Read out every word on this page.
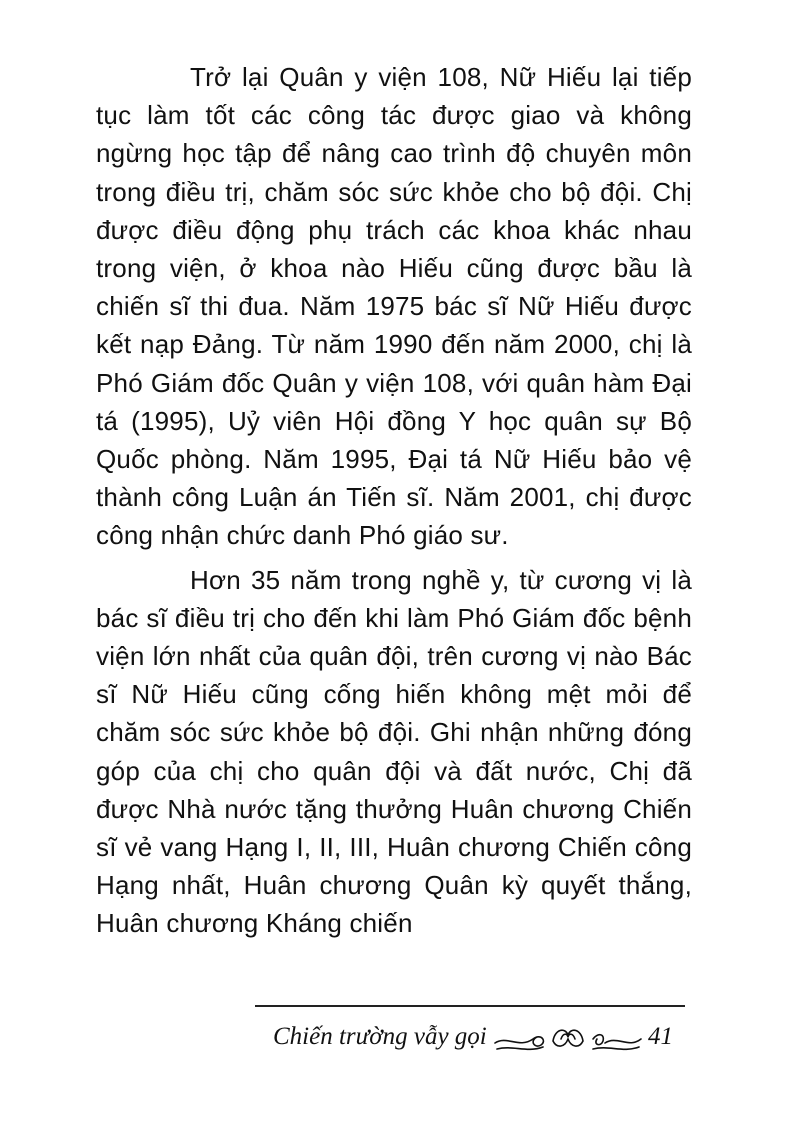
Trở lại Quân y viện 108, Nữ Hiếu lại tiếp tục làm tốt các công tác được giao và không ngừng học tập để nâng cao trình độ chuyên môn trong điều trị, chăm sóc sức khỏe cho bộ đội. Chị được điều động phụ trách các khoa khác nhau trong viện, ở khoa nào Hiếu cũng được bầu là chiến sĩ thi đua. Năm 1975 bác sĩ Nữ Hiếu được kết nạp Đảng. Từ năm 1990 đến năm 2000, chị là Phó Giám đốc Quân y viện 108, với quân hàm Đại tá (1995), Uỷ viên Hội đồng Y học quân sự Bộ Quốc phòng. Năm 1995, Đại tá Nữ Hiếu bảo vệ thành công Luận án Tiến sĩ. Năm 2001, chị được công nhận chức danh Phó giáo sư.

Hơn 35 năm trong nghề y, từ cương vị là bác sĩ điều trị cho đến khi làm Phó Giám đốc bệnh viện lớn nhất của quân đội, trên cương vị nào Bác sĩ Nữ Hiếu cũng cống hiến không mệt mỏi để chăm sóc sức khỏe bộ đội. Ghi nhận những đóng góp của chị cho quân đội và đất nước, Chị đã được Nhà nước tặng thưởng Huân chương Chiến sĩ vẻ vang Hạng I, II, III, Huân chương Chiến công Hạng nhất, Huân chương Quân kỳ quyết thắng, Huân chương Kháng chiến

Chiến trường vẫy gọi	41
